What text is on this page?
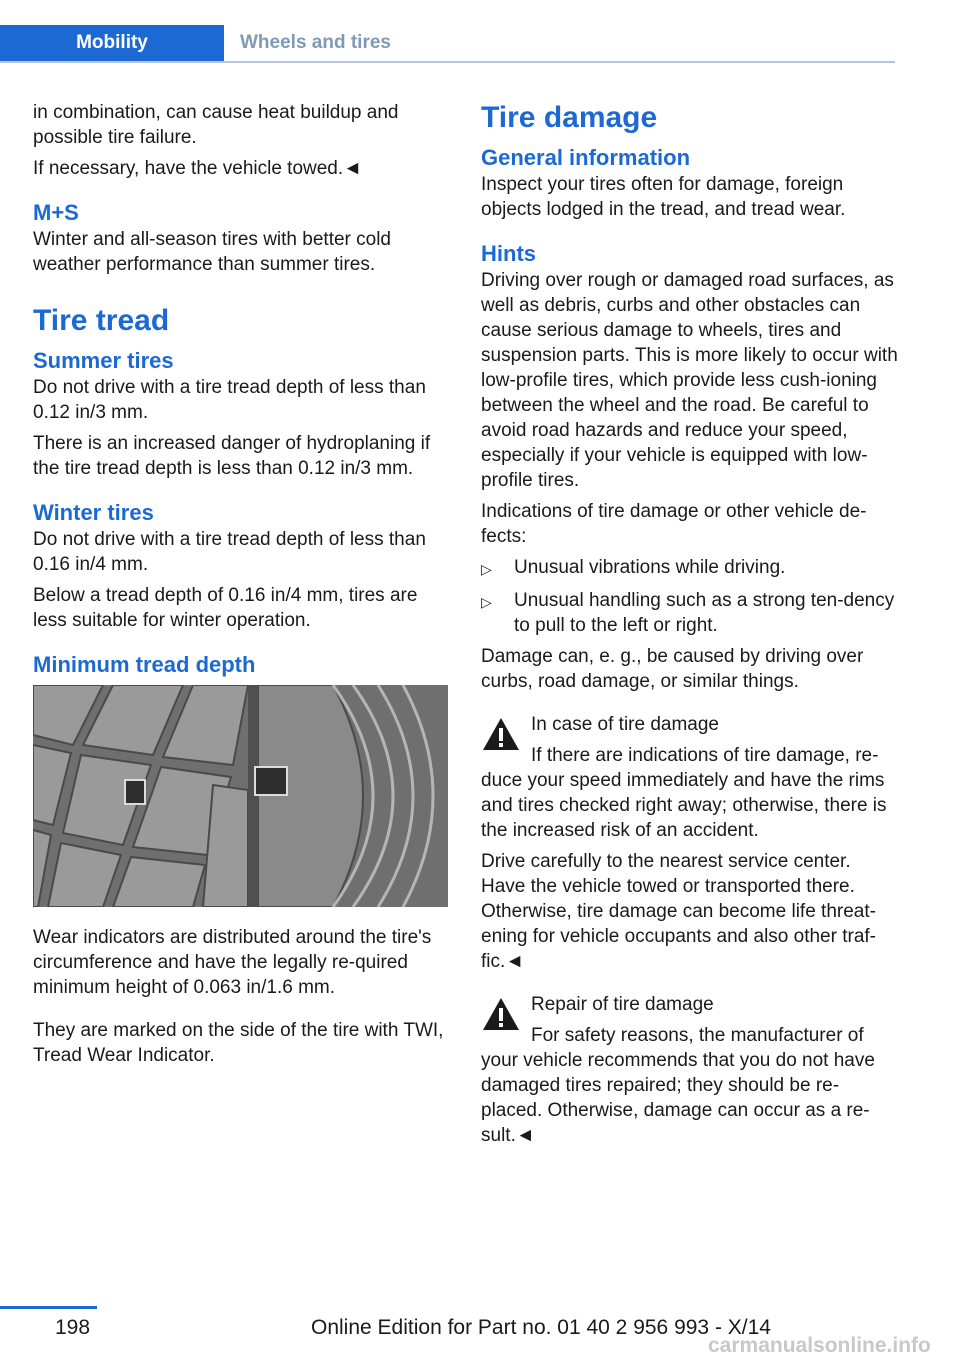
Mobility	Wheels and tires

in combination, can cause heat buildup and possible tire failure.

If necessary, have the vehicle towed.◄

M+S

Winter and all-season tires with better cold weather performance than summer tires.

Tire tread
Summer tires

Do not drive with a tire tread depth of less than 0.12 in/3 mm.

There is an increased danger of hydroplaning if the tire tread depth is less than 0.12 in/3 mm.

Winter tires

Do not drive with a tire tread depth of less than 0.16 in/4 mm.

Below a tread depth of 0.16 in/4 mm, tires are less suitable for winter operation.

Minimum tread depth

Wear indicators are distributed around the tire's circumference and have the legally re‐quired minimum height of 0.063 in/1.6 mm.

They are marked on the side of the tire with TWI, Tread Wear Indicator.

Tire damage
General information

Inspect your tires often for damage, foreign objects lodged in the tread, and tread wear.

Hints

Driving over rough or damaged road surfaces, as well as debris, curbs and other obstacles can cause serious damage to wheels, tires and suspension parts. This is more likely to occur with low-profile tires, which provide less cush‐ioning between the wheel and the road. Be careful to avoid road hazards and reduce your speed, especially if your vehicle is equipped with low-profile tires.

Indications of tire damage or other vehicle de‐fects:

▷	Unusual vibrations while driving.
▷	Unusual handling such as a strong ten‐dency to pull to the left or right.

Damage can, e. g., be caused by driving over curbs, road damage, or similar things.

In case of tire damage

If there are indications of tire damage, re‐duce your speed immediately and have the rims and tires checked right away; otherwise, there is the increased risk of an accident.

Drive carefully to the nearest service center. Have the vehicle towed or transported there. Otherwise, tire damage can become life threat‐ening for vehicle occupants and also other traf‐fic.◄

Repair of tire damage

For safety reasons, the manufacturer of your vehicle recommends that you do not have damaged tires repaired; they should be re‐placed. Otherwise, damage can occur as a re‐sult.◄

198	Online Edition for Part no. 01 40 2 956 993 - X/14
carmanualsonline.info
